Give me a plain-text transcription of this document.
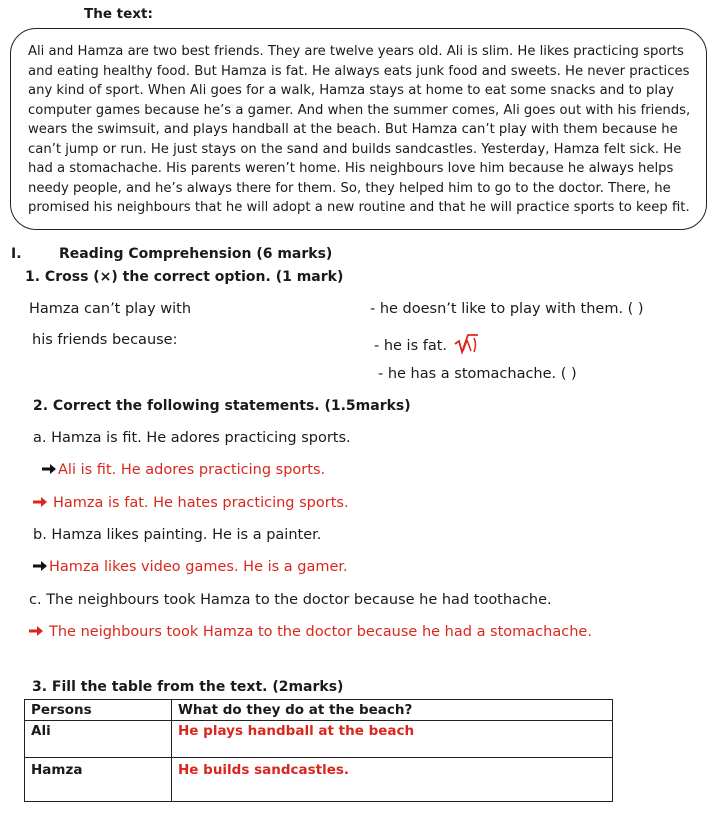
The text:
Ali and Hamza are two best friends. They are twelve years old. Ali is slim. He likes practicing sports and eating healthy food. But Hamza is fat. He always eats junk food and sweets. He never practices any kind of sport. When Ali goes for a walk, Hamza stays at home to eat some snacks and to play computer games because he’s a gamer. And when the summer comes, Ali goes out with his friends, wears the swimsuit, and plays handball at the beach. But Hamza can’t play with them because he can’t jump or run. He just stays on the sand and builds sandcastles. Yesterday, Hamza felt sick. He had a stomachache. His parents weren’t home. His neighbours love him because he always helps needy people, and he’s always there for them. So, they helped him to go to the doctor. There, he promised his neighbours that he will adopt a new routine and that he will practice sports to keep fit.
I.	Reading Comprehension (6 marks)
1. Cross (×) the correct option. (1 mark)
Hamza can’t play with
his friends because:
- he doesn’t like to play with them. ( )
- he is fat.
- he has a stomachache. ( )
2. Correct the following statements. (1.5marks)
a. Hamza is fit. He adores practicing sports.
Ali is fit. He adores practicing sports.
Hamza is fat. He hates practicing sports.
b. Hamza likes painting. He is a painter.
Hamza likes video games. He is a gamer.
c. The neighbours took Hamza to the doctor because he had toothache.
The neighbours took Hamza to the doctor because he had a stomachache.
3. Fill the table from the text. (2marks)
Persons	What do they do at the beach?
Ali	He plays handball at the beach
Hamza	He builds sandcastles.
